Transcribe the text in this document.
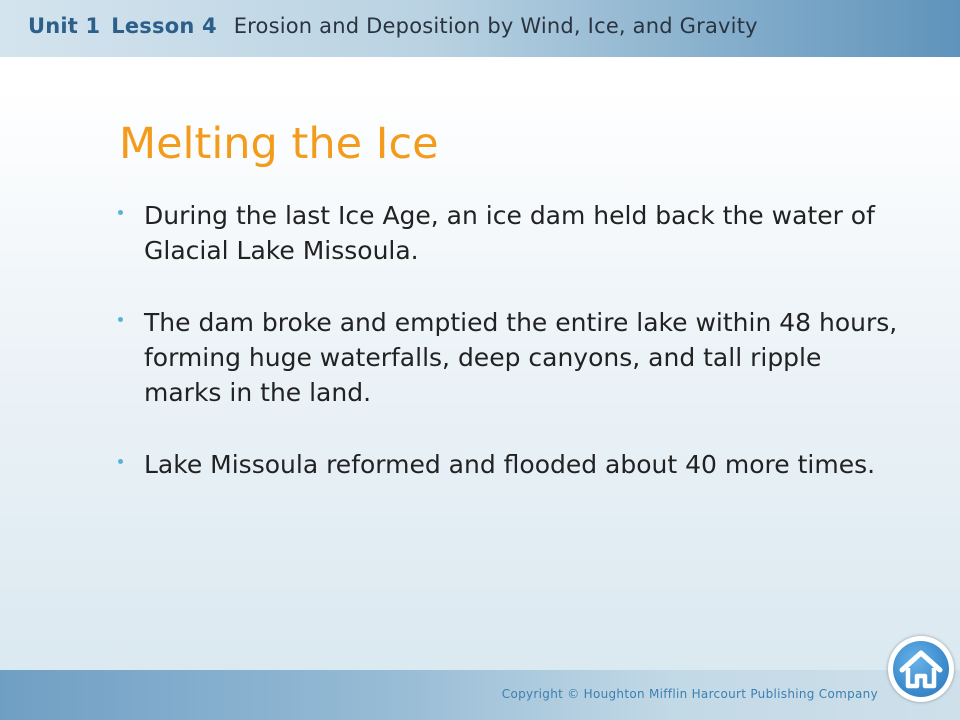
Unit 1 Lesson 4 Erosion and Deposition by Wind, Ice, and Gravity
Melting the Ice
During the last Ice Age, an ice dam held back the water of Glacial Lake Missoula.
The dam broke and emptied the entire lake within 48 hours, forming huge waterfalls, deep canyons, and tall ripple marks in the land.
Lake Missoula reformed and flooded about 40 more times.
Copyright © Houghton Mifflin Harcourt Publishing Company
